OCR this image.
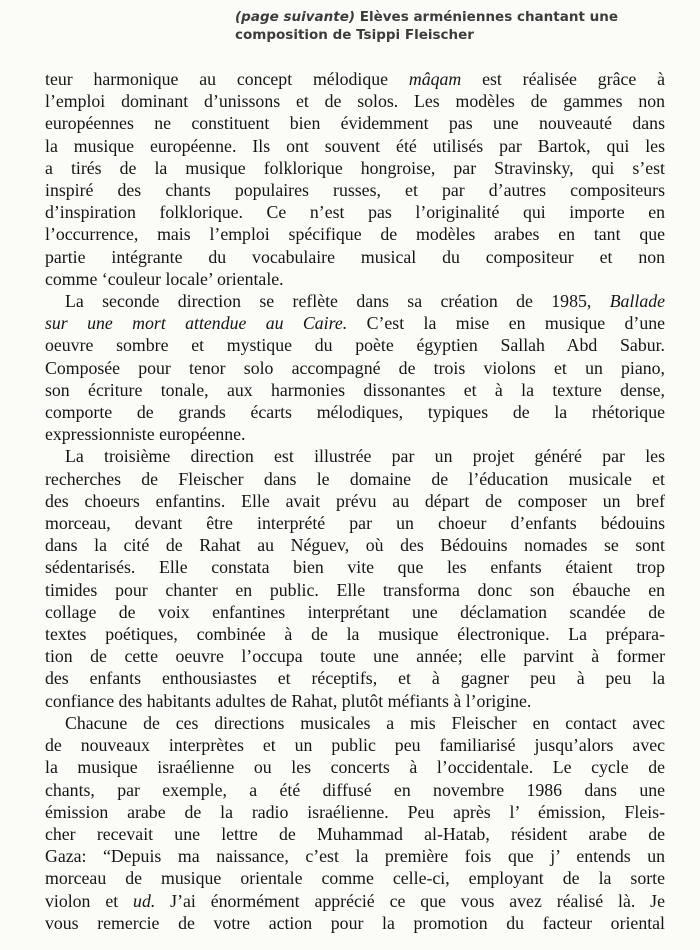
(page suivante) Elèves arméniennes chantant une composition de Tsippi Fleischer
teur harmonique au concept mélodique mâqam est réalisée grâce à
l’emploi dominant d’unissons et de solos. Les modèles de gammes non
européennes ne constituent bien évidemment pas une nouveauté dans
la musique européenne. Ils ont souvent été utilisés par Bartok, qui les
a tirés de la musique folklorique hongroise, par Stravinsky, qui s’est
inspiré des chants populaires russes, et par d’autres compositeurs
d’inspiration folklorique. Ce n’est pas l’originalité qui importe en
l’occurrence, mais l’emploi spécifique de modèles arabes en tant que
partie intégrante du vocabulaire musical du compositeur et non
comme ‘couleur locale’ orientale.
La seconde direction se reflète dans sa création de 1985, Ballade
sur une mort attendue au Caire. C’est la mise en musique d’une
oeuvre sombre et mystique du poète égyptien Sallah Abd Sabur.
Composée pour tenor solo accompagné de trois violons et un piano,
son écriture tonale, aux harmonies dissonantes et à la texture dense,
comporte de grands écarts mélodiques, typiques de la rhétorique
expressionniste européenne.
La troisième direction est illustrée par un projet généré par les
recherches de Fleischer dans le domaine de l’éducation musicale et
des choeurs enfantins. Elle avait prévu au départ de composer un bref
morceau, devant être interprété par un choeur d’enfants bédouins
dans la cité de Rahat au Néguev, où des Bédouins nomades se sont
sédentarisés. Elle constata bien vite que les enfants étaient trop
timides pour chanter en public. Elle transforma donc son ébauche en
collage de voix enfantines interprétant une déclamation scandée de
textes poétiques, combinée à de la musique électronique. La prépara-
tion de cette oeuvre l’occupa toute une année; elle parvint à former
des enfants enthousiastes et réceptifs, et à gagner peu à peu la
confiance des habitants adultes de Rahat, plutôt méfiants à l’origine.
Chacune de ces directions musicales a mis Fleischer en contact avec
de nouveaux interprètes et un public peu familiarisé jusqu’alors avec
la musique israélienne ou les concerts à l’occidentale. Le cycle de
chants, par exemple, a été diffusé en novembre 1986 dans une
émission arabe de la radio israélienne. Peu après l’ émission, Fleis-
cher recevait une lettre de Muhammad al-Hatab, résident arabe de
Gaza: “Depuis ma naissance, c’est la première fois que j’ entends un
morceau de musique orientale comme celle-ci, employant de la sorte
violon et ud. J’ai énormément apprécié ce que vous avez réalisé là. Je
vous remercie de votre action pour la promotion du facteur oriental
